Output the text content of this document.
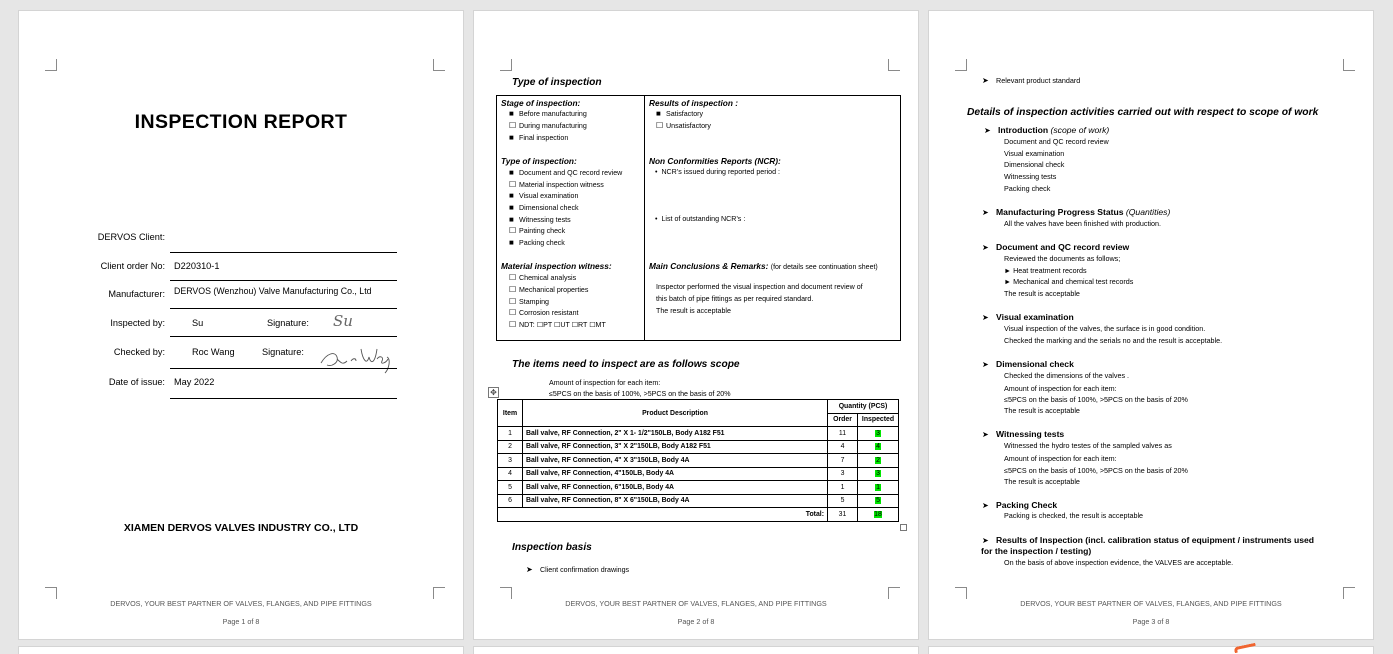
INSPECTION REPORT
DERVOS Client:
Client order No: D220310-1
Manufacturer: DERVOS (Wenzhou) Valve Manufacturing Co., Ltd
Inspected by:	Su	Signature: Su
Checked by:	Roc Wang	Signature:
Date of issue: May 2022
XIAMEN DERVOS VALVES INDUSTRY CO., LTD
DERVOS, YOUR BEST PARTNER OF VALVES, FLANGES, AND PIPE FITTINGS
Page 1 of 8
Type of inspection
Stage of inspection:
■ Before manufacturing
☐ During manufacturing
■ Final inspection
Results of inspection :
■ Satisfactory
☐ Unsatisfactory
Type of inspection:
■ Document and QC record review
☐ Material inspection witness
■ Visual examination
■ Dimensional check
■ Witnessing tests
☐ Painting check
■ Packing check
Non Conformities Reports (NCR):
•  NCR’s issued during reported period :
•  List of outstanding NCR’s :
Material inspection witness:
☐ Chemical analysis
☐ Mechanical properties
☐ Stamping
☐ Corrosion resistant
☐ NDT: ☐PT ☐UT ☐RT ☐MT
Main Conclusions & Remarks: (for details see continuation sheet)
Inspector performed the visual inspection and document review of
this batch of pipe fittings as per required standard.
The result is acceptable
The items need to inspect are as follows scope
✥
Amount of inspection for each item:
≤5PCS on the basis of 100%, >5PCS on the basis of 20%
Item	Product Description	Quantity (PCS)	
		Order	Inspected
1	Ball valve, RF Connection, 2" X 1- 1/2"150LB, Body A182 F51	11	3
2	Ball valve, RF Connection, 3" X 2"150LB, Body A182 F51	4	4
3	Ball valve, RF Connection, 4" X 3"150LB, Body 4A	7	2
4	Ball valve, RF Connection, 4"150LB, Body 4A	3	3
5	Ball valve, RF Connection, 6"150LB, Body 4A	1	1
6	Ball valve, RF Connection, 8" X 6"150LB, Body 4A	5	5
Total:		31	18
Inspection basis
➤ Client confirmation drawings
DERVOS, YOUR BEST PARTNER OF VALVES, FLANGES, AND PIPE FITTINGS
Page 2 of 8
➤ Relevant product standard
Details of inspection activities carried out with respect to scope of work
➤ Introduction (scope of work)
Document and QC record review
Visual examination
Dimensional check
Witnessing tests
Packing check
➤ Manufacturing Progress Status (Quantities)
All the valves have been finished with production.
➤ Document and QC record review
Reviewed the documents as follows;
► Heat treatment records
► Mechanical and chemical test records
The result is acceptable
➤ Visual examination
Visual inspection of the valves, the surface is in good condition.
Checked the marking and the serials no and the result is acceptable.
➤ Dimensional check
Checked the dimensions of the valves .
Amount of inspection for each item:
≤5PCS on the basis of 100%, >5PCS on the basis of 20%
The result is acceptable
➤ Witnessing tests
Witnessed the hydro testes of the sampled valves as
Amount of inspection for each item:
≤5PCS on the basis of 100%, >5PCS on the basis of 20%
The result is acceptable
➤ Packing Check
Packing is checked, the result is acceptable
➤ Results of Inspection (incl. calibration status of equipment / instruments used
for the inspection / testing)
On the basis of above inspection evidence, the VALVES are acceptable.
DERVOS, YOUR BEST PARTNER OF VALVES, FLANGES, AND PIPE FITTINGS
Page 3 of 8
